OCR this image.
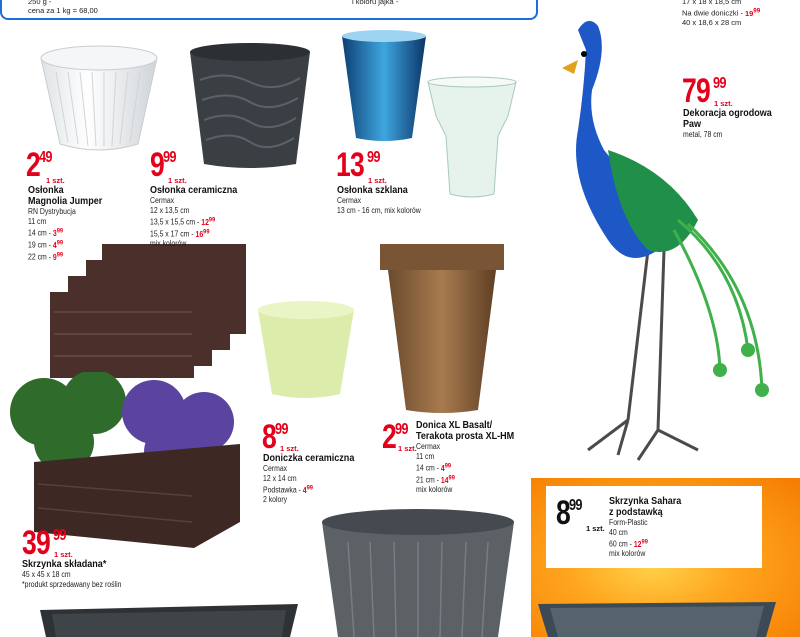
250 g -
cena za 1 kg = 68,00
i koloru jajka -	17 x 18 x 18,5 cm
Na dwie doniczki - $19^{99}$
40 x 18,6 x 28 cm
2
49
1 szt.
Osłonka
Magnolia Jumper
RN Dystrybucja
11 cm
14 cm - $3^{99}$
19 cm - $4^{99}$
22 cm - $9^{99}$
9
99
1 szt.
Osłonka ceramiczna
Cermax
12 x 13,5 cm
13,5 x 15,5 cm - $12^{99}$
15,5 x 17 cm - $16^{99}$
mix kolorów
13 99
1 szt.
Osłonka szklana
Cermax
13 cm - 16 cm, mix kolorów
79 99
1 szt.
Dekoracja ogrodowa
Paw
metal, 78 cm
8
99
1 szt.
Doniczka ceramiczna
Cermax
12 x 14 cm
Podstawka - $4^{99}$
2 kolory
2
99
1 szt.
Donica XL Basalt/
Terakota prosta XL-HM
Cermax
11 cm
14 cm - $4^{99}$
21 cm - $14^{99}$
mix kolorów
39 99
1 szt.
Skrzynka składana*
45 x 45 x 18 cm
*produkt sprzedawany bez roślin
8
99
1 szt.
Skrzynka Sahara
z podstawką
Form-Plastic
40 cm
60 cm - $12^{99}$
mix kolorów
